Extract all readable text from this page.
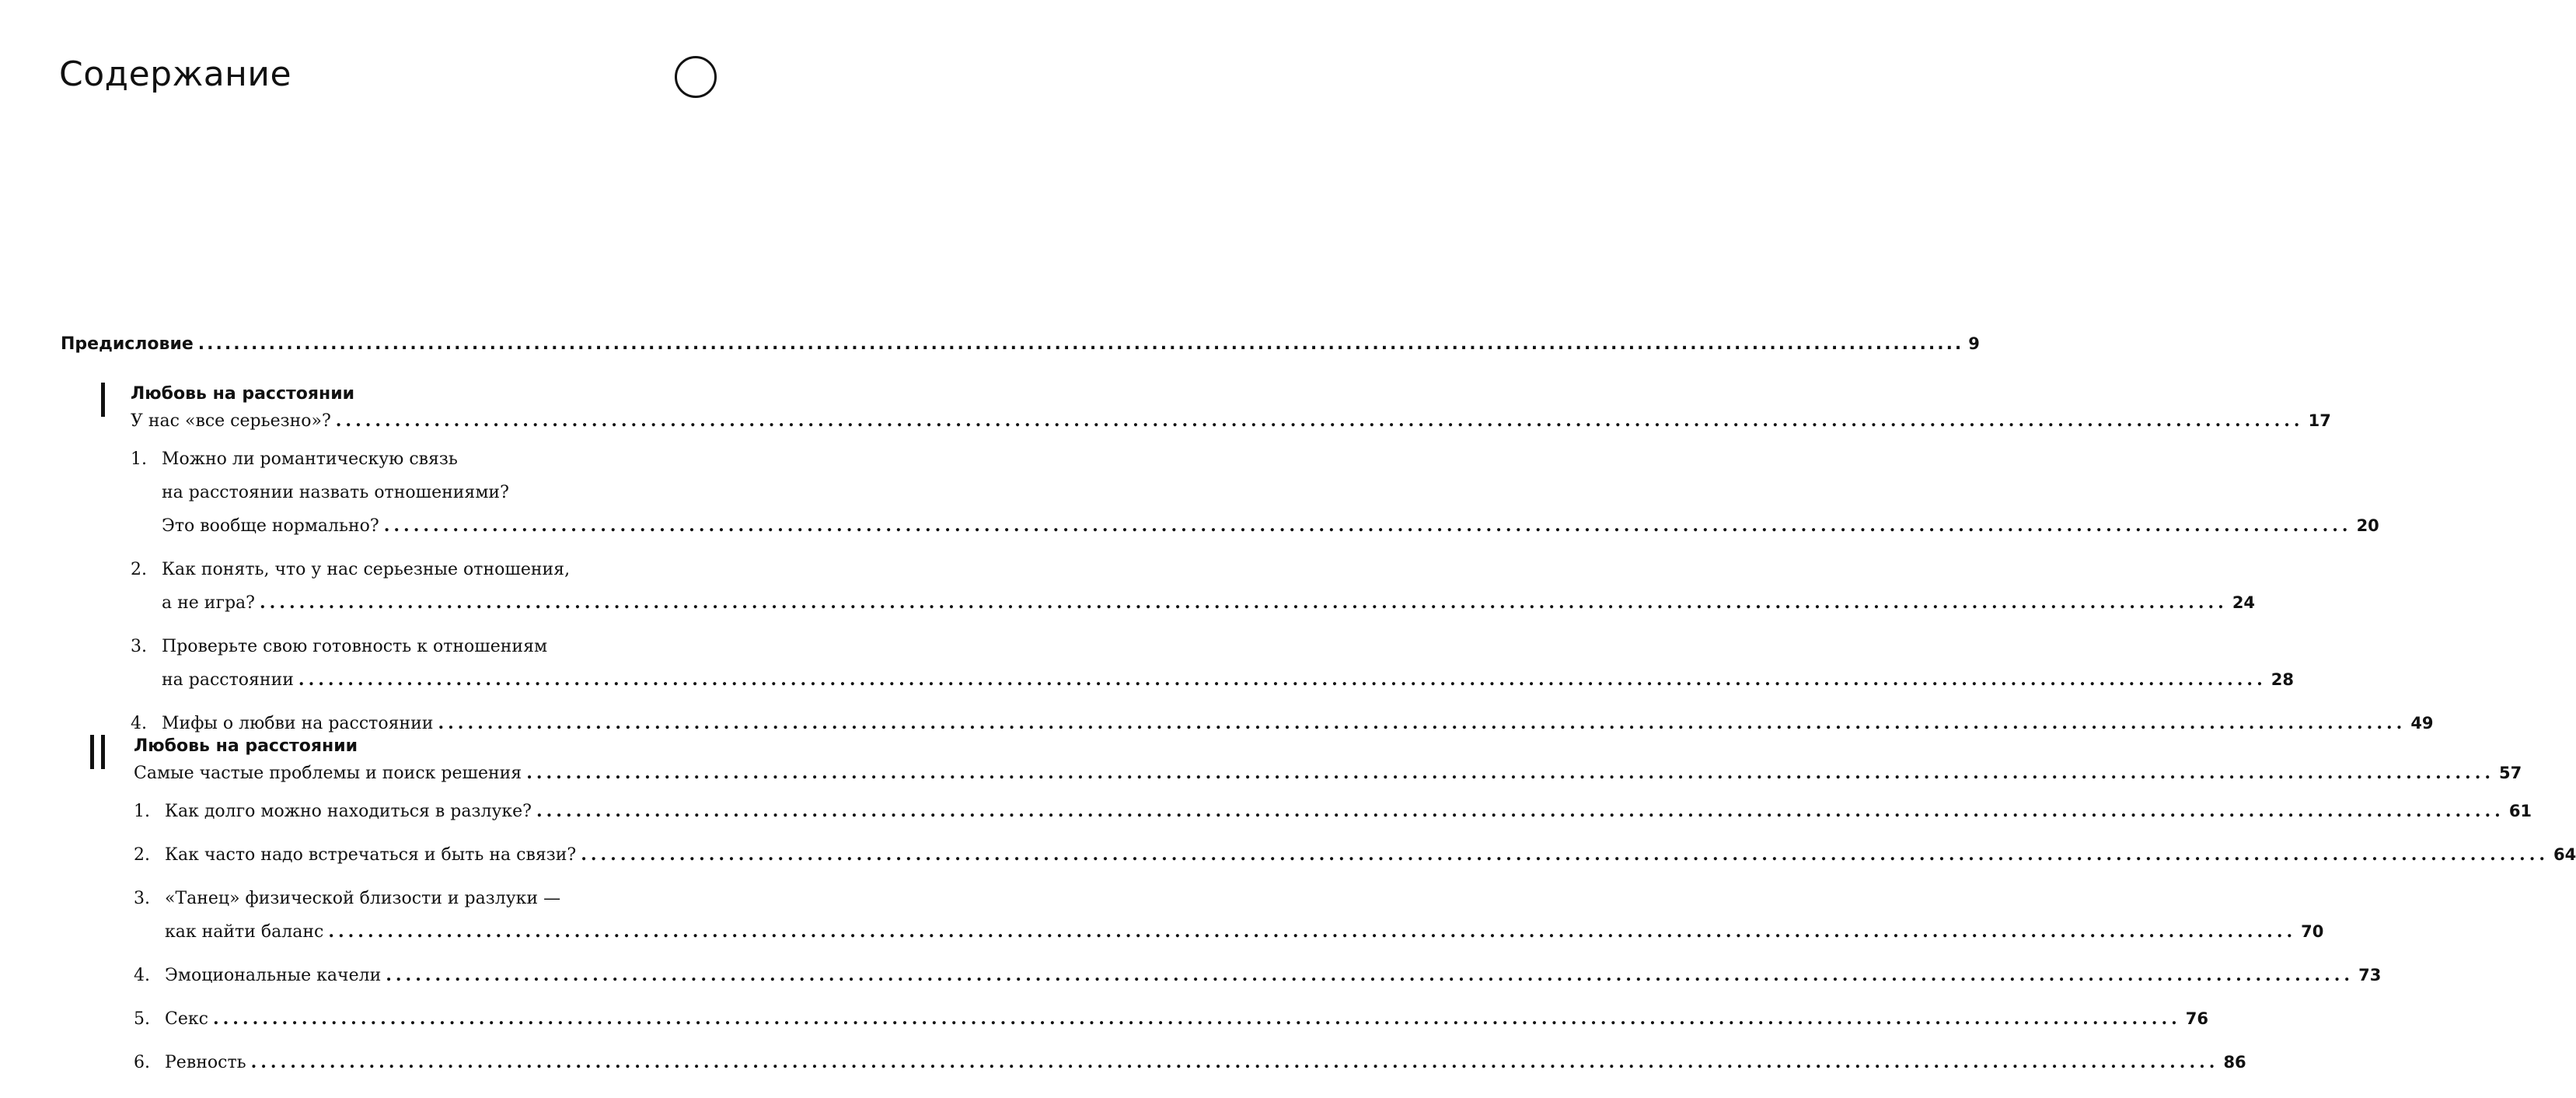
Содержание
Предисловие ........................................................................................................................................................................................................ 9
Любовь на расстоянии
У нас «все серьезно»? ........................................................................................................................................................................................................ 17
1. Можно ли романтическую связь
на расстоянии назвать отношениями?
Это вообще нормально? ........................................................................................................................................................................................................ 20
2. Как понять, что у нас серьезные отношения,
а не игра? ........................................................................................................................................................................................................ 24
3. Проверьте свою готовность к отношениям
на расстоянии ........................................................................................................................................................................................................ 28
4. Мифы о любви на расстоянии ........................................................................................................................................................................................................ 49
Любовь на расстоянии
Самые частые проблемы и поиск решения ........................................................................................................................................................................................................ 57
1. Как долго можно находиться в разлуке? ........................................................................................................................................................................................................ 61
2. Как часто надо встречаться и быть на связи? ........................................................................................................................................................................................................ 64
3. «Танец» физической близости и разлуки —
как найти баланс ........................................................................................................................................................................................................ 70
4. Эмоциональные качели ........................................................................................................................................................................................................ 73
5. Секс ........................................................................................................................................................................................................ 76
6. Ревность ........................................................................................................................................................................................................ 86
